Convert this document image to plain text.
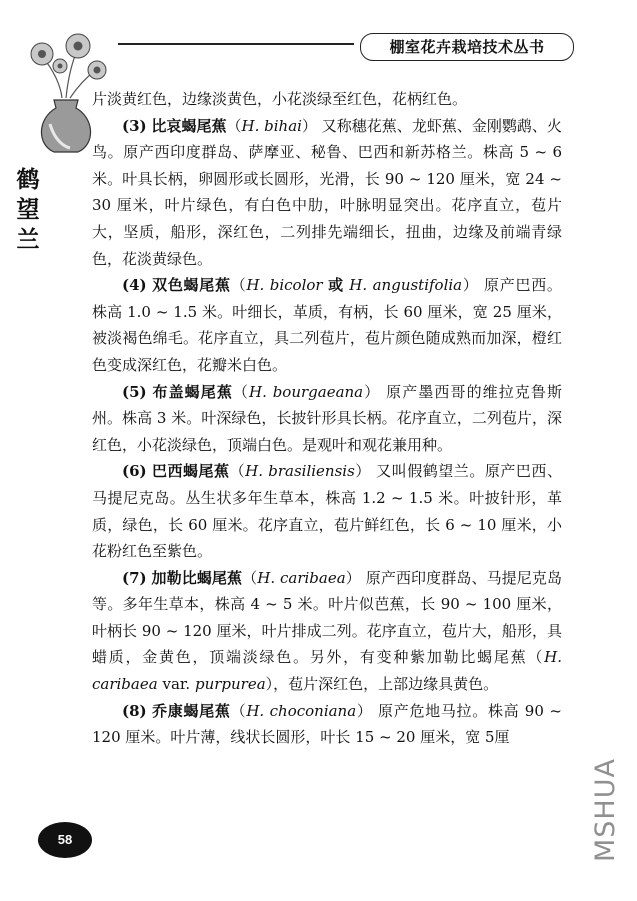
棚室花卉栽培技术丛书
鹤
望
兰

片淡黄红色，边缘淡黄色，小花淡绿至红色，花柄红色。

(3) 比哀蝎尾蕉（H. bihai） 又称穗花蕉、龙虾蕉、金刚鹦鹉、火鸟。原产西印度群岛、萨摩亚、秘鲁、巴西和新苏格兰。株高 5 ~ 6 米。叶具长柄，卵圆形或长圆形，光滑，长 90 ~ 120 厘米，宽 24 ~ 30 厘米，叶片绿色，有白色中肋，叶脉明显突出。花序直立，苞片大，坚质，船形，深红色，二列排先端细长，扭曲，边缘及前端青绿色，花淡黄绿色。

(4) 双色蝎尾蕉（H. bicolor 或 H. angustifolia） 原产巴西。株高 1.0 ~ 1.5 米。叶细长，革质，有柄，长 60 厘米，宽 25 厘米，被淡褐色绵毛。花序直立，具二列苞片，苞片颜色随成熟而加深，橙红色变成深红色，花瓣米白色。

(5) 布盖蝎尾蕉（H. bourgaeana） 原产墨西哥的维拉克鲁斯州。株高 3 米。叶深绿色，长披针形具长柄。花序直立，二列苞片，深红色，小花淡绿色，顶端白色。是观叶和观花兼用种。

(6) 巴西蝎尾蕉（H. brasiliensis） 又叫假鹤望兰。原产巴西、马提尼克岛。丛生状多年生草本，株高 1.2 ~ 1.5 米。叶披针形，革质，绿色，长 60 厘米。花序直立，苞片鲜红色，长 6 ~ 10 厘米，小花粉红色至紫色。

(7) 加勒比蝎尾蕉（H. caribaea） 原产西印度群岛、马提尼克岛等。多年生草本，株高 4 ~ 5 米。叶片似芭蕉，长 90 ~ 100 厘米，叶柄长 90 ~ 120 厘米，叶片排成二列。花序直立，苞片大，船形，具蜡质，金黄色，顶端淡绿色。另外，有变种紫加勒比蝎尾蕉（H. caribaea var. purpurea），苞片深红色，上部边缘具黄色。

(8) 乔康蝎尾蕉（H. choconiana） 原产危地马拉。株高 90 ~ 120 厘米。叶片薄，线状长圆形，叶长 15 ~ 20 厘米，宽 5厘

58	MSHUA
